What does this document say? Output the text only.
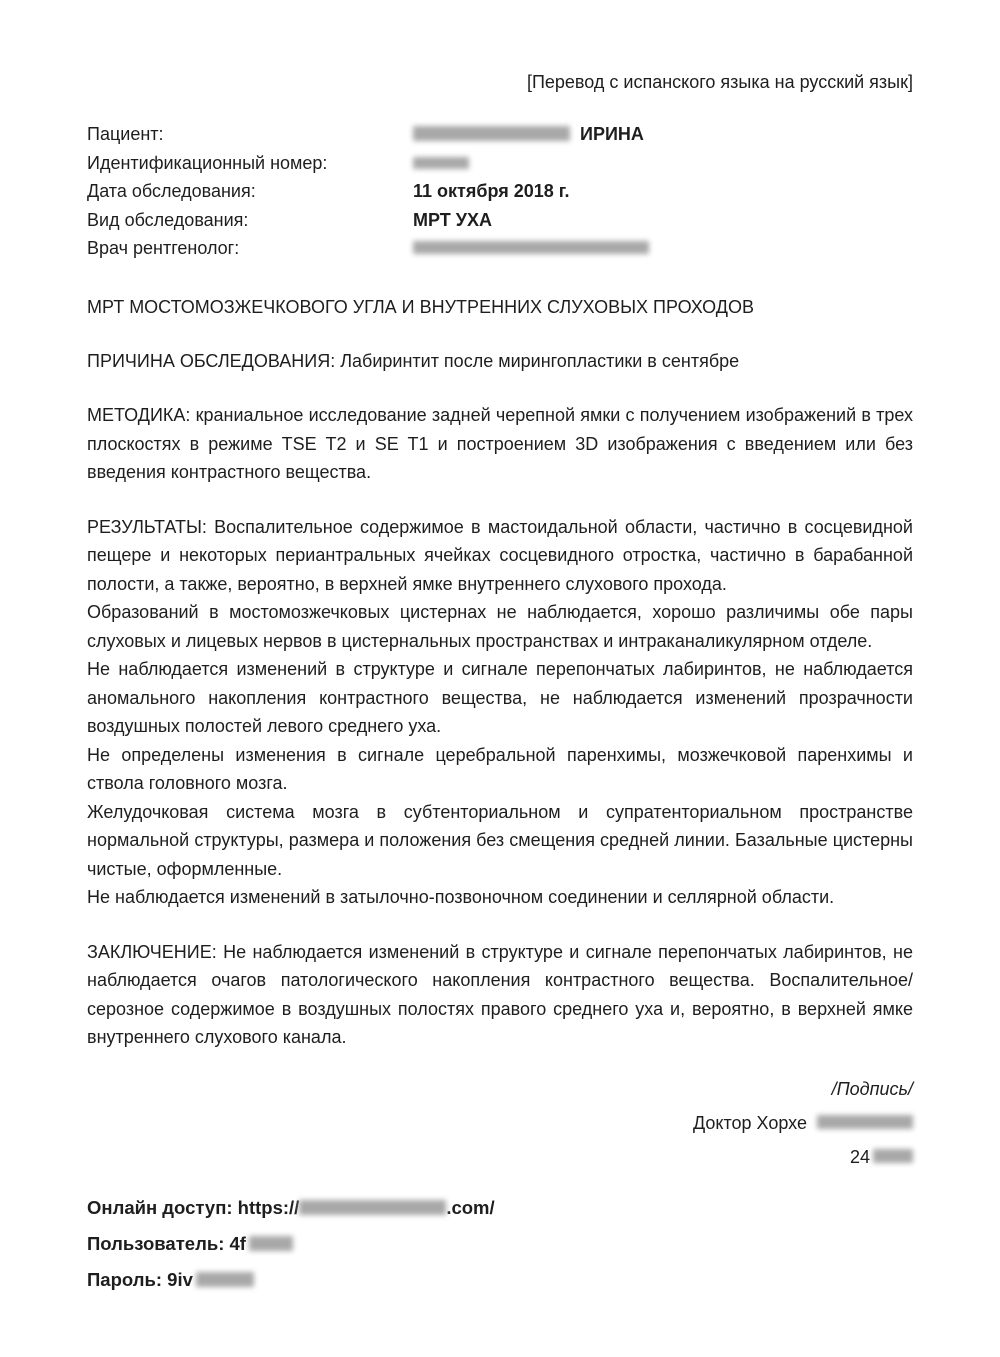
[Перевод с испанского языка на русский язык]
Пациент:	ИРИНА
Идентификационный номер:
Дата обследования:	11 октября 2018 г.
Вид обследования:	МРТ УХА
Врач рентгенолог:
МРТ МОСТОМОЗЖЕЧКОВОГО УГЛА И ВНУТРЕННИХ СЛУХОВЫХ ПРОХОДОВ

ПРИЧИНА ОБСЛЕДОВАНИЯ: Лабиринтит после мирингопластики в сентябре

МЕТОДИКА: краниальное исследование задней черепной ямки с получением изображений в трех плоскостях в режиме TSE T2 и SE T1 и построением 3D изображения с введением или без введения контрастного вещества.

РЕЗУЛЬТАТЫ: Воспалительное содержимое в мастоидальной области, частично в сосцевидной пещере и некоторых периантральных ячейках сосцевидного отростка, частично в барабанной полости, а также, вероятно, в верхней ямке внутреннего слухового прохода.

Образований в мостомозжечковых цистернах не наблюдается, хорошо различимы обе пары слуховых и лицевых нервов в цистернальных пространствах и интраканаликулярном отделе.

Не наблюдается изменений в структуре и сигнале перепончатых лабиринтов, не наблюдается аномального накопления контрастного вещества, не наблюдается изменений прозрачности воздушных полостей левого среднего уха.

Не определены изменения в сигнале церебральной паренхимы, мозжечковой паренхимы и ствола головного мозга.

Желудочковая система мозга в субтенториальном и супратенториальном пространстве нормальной структуры, размера и положения без смещения средней линии. Базальные цистерны чистые, оформленные.

Не наблюдается изменений в затылочно-позвоночном соединении и селлярной области.

ЗАКЛЮЧЕНИЕ: Не наблюдается изменений в структуре и сигнале перепончатых лабиринтов, не наблюдается очагов патологического накопления контрастного вещества. Воспалительное/серозное содержимое в воздушных полостях правого среднего уха и, вероятно, в верхней ямке внутреннего слухового канала.

/Подпись/
Доктор Хорхе
24
Онлайн доступ: https://	.com/
Пользователь: 4f
Пароль: 9iv
